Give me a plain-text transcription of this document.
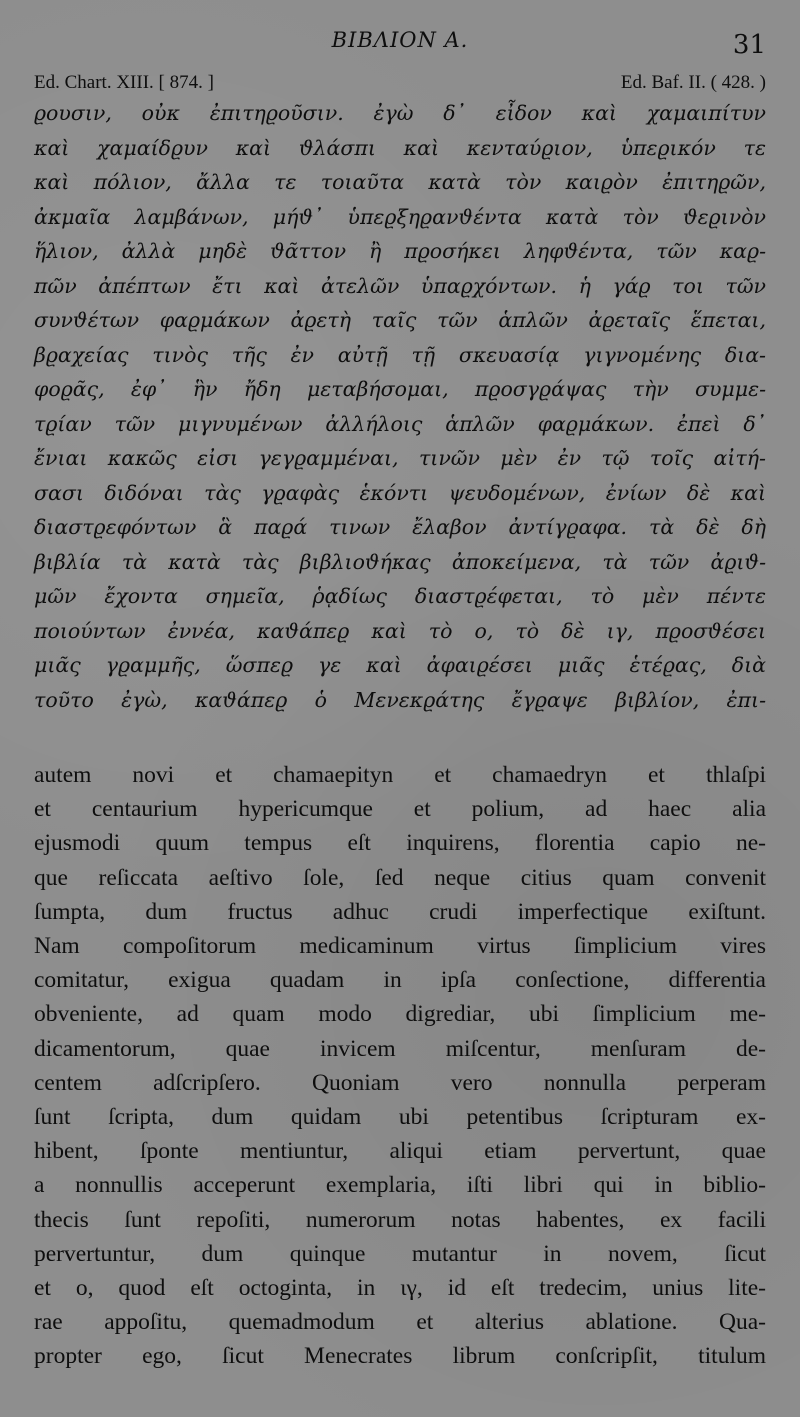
BIBΛΙΟΝ Α.	31
Ed. Chart. XIII. [ 874. ]	Ed. Baf. II. ( 428. )
ϱουσιν, οὐκ ἐπιτηϱοῦσιν. ἐγὼ δ᾽ εἶδον καὶ χαμαιπίτυν
καὶ χαμαίδϱυν καὶ ϑλάσπι καὶ κενταύϱιον, ὑπεϱικόν τε
καὶ πόλιον, ἄλλα τε τοιαῦτα κατὰ τὸν καιϱὸν ἐπιτηϱῶν,
ἀκμαῖα λαμβάνων, μήϑ᾽ ὑπεϱξηϱανϑέντα κατὰ τὸν ϑεϱινὸν
ἥλιον, ἀλλὰ μηδὲ ϑᾶττον ἢ πϱοσήκει ληφϑέντα, τῶν καϱ-
πῶν ἀπέπτων ἔτι καὶ ἀτελῶν ὑπαϱχόντων. ἡ γάϱ τοι τῶν
συνϑέτων φαϱμάκων ἀϱετὴ ταῖς τῶν ἁπλῶν ἀϱεταῖς ἕπεται,
βϱαχείας τινὸς τῆς ἐν αὐτῇ τῇ σκευασίᾳ γιγνομένης δια-
φοϱᾶς, ἐφ᾽ ἣν ἤδη μεταβήσομαι, πϱοσγϱάψας τὴν συμμε-
τϱίαν τῶν μιγνυμένων ἀλλήλοις ἁπλῶν φαϱμάκων. ἐπεὶ δ᾽
ἔνιαι κακῶς εἰσι γεγϱαμμέναι, τινῶν μὲν ἐν τῷ τοῖς αἰτή-
σασι διδόναι τὰς γϱαφὰς ἑκόντι ψευδομένων, ἐνίων δὲ καὶ
διαστϱεφόντων ἃ παϱά τινων ἔλαβον ἀντίγϱαφα. τὰ δὲ δὴ
βιβλία τὰ κατὰ τὰς βιβλιοϑήκας ἀποκείμενα, τὰ τῶν ἀϱιϑ-
μῶν ἔχοντα σημεῖα, ῥᾳδίως διαστϱέφεται, τὸ μὲν πέντε
ποιούντων ἐννέα, καϑάπεϱ καὶ τὸ ο, τὸ δὲ ιγ, πϱοσϑέσει
μιᾶς γϱαμμῆς, ὥσπεϱ γε καὶ ἀφαιϱέσει μιᾶς ἑτέϱας, διὰ
τοῦτο ἐγὼ, καϑάπεϱ ὁ Μενεκϱάτης ἔγϱαψε βιβλίον, ἐπι-
autem novi et chamaepityn et chamaedryn et thlaſpi
et centaurium hypericumque et polium, ad haec alia
ejusmodi quum tempus eſt inquirens, florentia capio ne-
que reſiccata aeſtivo ſole, ſed neque citius quam convenit
ſumpta, dum fructus adhuc crudi imperfectique exiſtunt.
Nam compoſitorum medicaminum virtus ſimplicium vires
comitatur, exigua quadam in ipſa conſectione, differentia
obveniente, ad quam modo digrediar, ubi ſimplicium me-
dicamentorum, quae invicem miſcentur, menſuram de-
centem adſcripſero. Quoniam vero nonnulla perperam
ſunt ſcripta, dum quidam ubi petentibus ſcripturam ex-
hibent, ſponte mentiuntur, aliqui etiam pervertunt, quae
a nonnullis acceperunt exemplaria, iſti libri qui in biblio-
thecis ſunt repoſiti, numerorum notas habentes, ex facili
pervertuntur, dum quinque mutantur in novem, ſicut
et o, quod eſt octoginta, in ιγ, id eſt tredecim, unius lite-
rae appoſitu, quemadmodum et alterius ablatione. Qua-
propter ego, ſicut Menecrates librum conſcripſit, titulum
